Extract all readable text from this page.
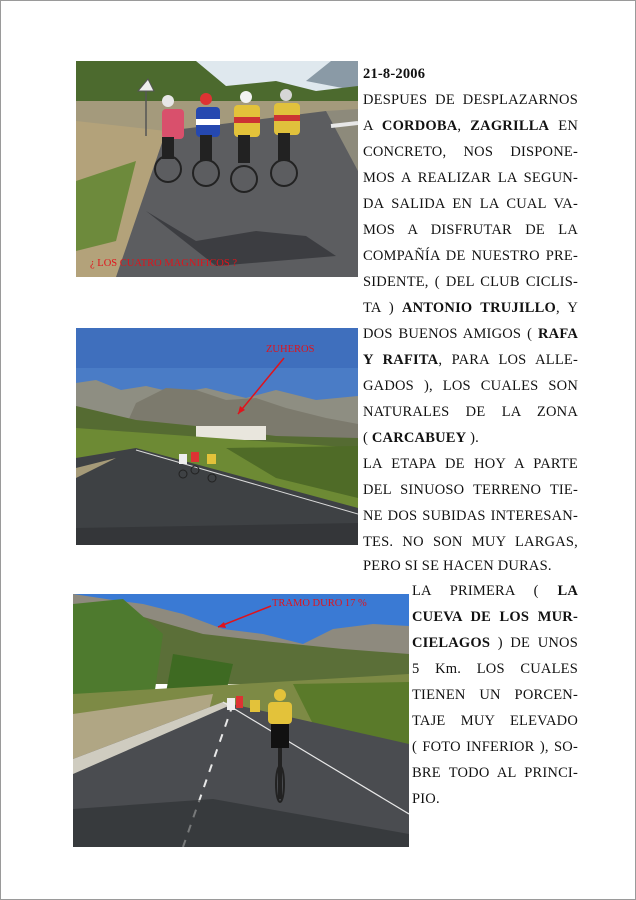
¿ LOS CUATRO MAGNIFICOS ?
ZUHEROS
TRAMO DURO 17 %
21-8-2006
DESPUES DE DESPLAZARNOS
A CORDOBA, ZAGRILLA EN
CONCRETO, NOS DISPONE-
MOS A REALIZAR LA SEGUN-
DA SALIDA EN LA CUAL VA-
MOS A DISFRUTAR DE LA
COMPAÑÍA DE NUESTRO PRE-
SIDENTE, ( DEL CLUB CICLIS-
TA ) ANTONIO TRUJILLO, Y
DOS BUENOS AMIGOS ( RAFA
Y RAFITA, PARA LOS ALLE-
GADOS ), LOS CUALES SON
NATURALES DE LA ZONA
( CARCABUEY ).
LA ETAPA DE HOY A PARTE
DEL SINUOSO TERRENO TIE-
NE DOS SUBIDAS INTERESAN-
TES. NO SON MUY LARGAS,
PERO SI SE HACEN DURAS.
LA PRIMERA ( LA
CUEVA DE LOS MUR-
CIELAGOS ) DE UNOS
5 Km. LOS CUALES
TIENEN UN PORCEN-
TAJE MUY ELEVADO
( FOTO INFERIOR ), SO-
BRE TODO AL PRINCI-
PIO.
